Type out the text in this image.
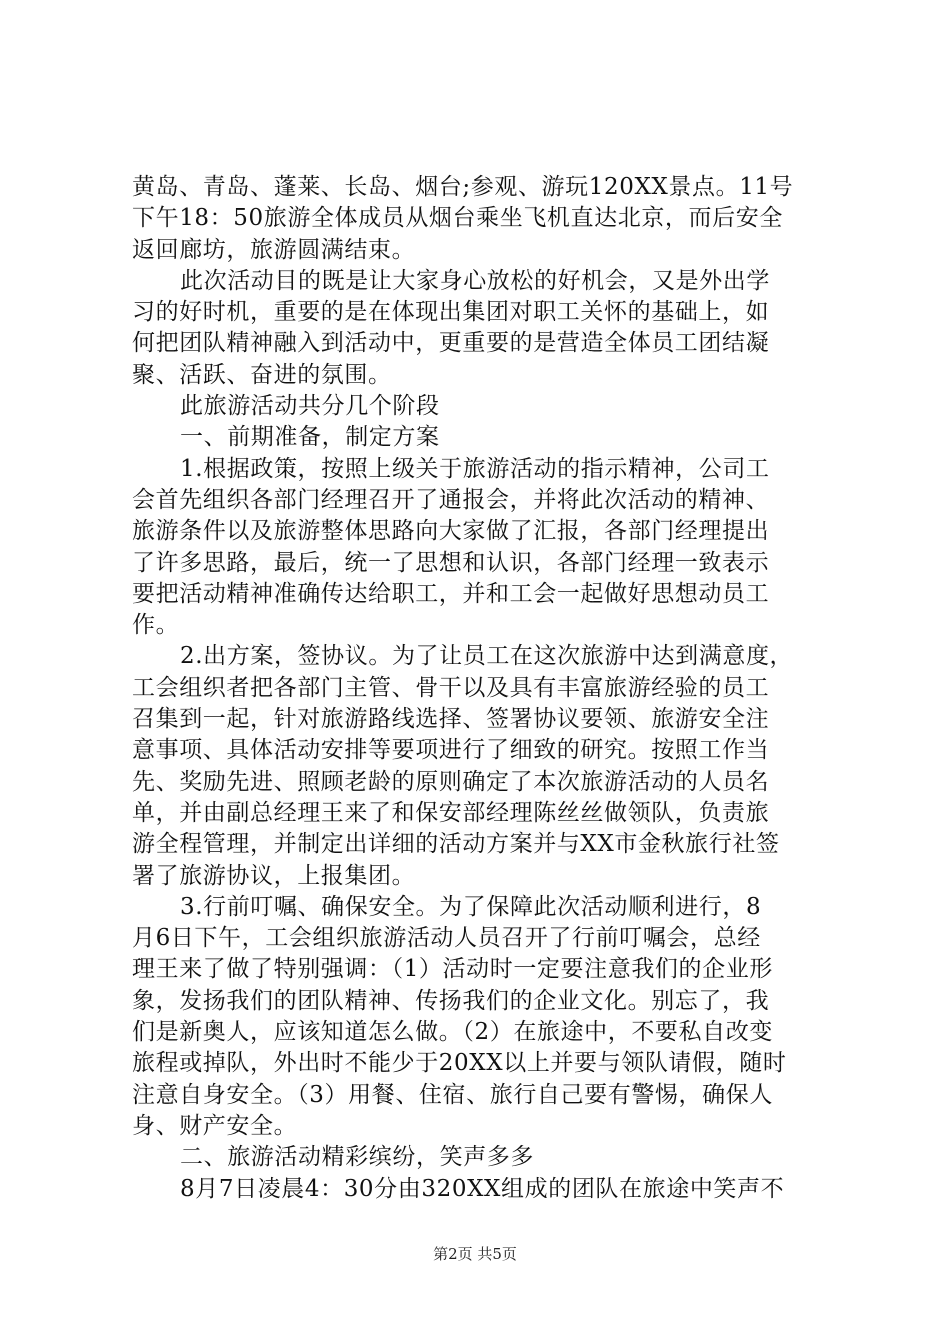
黄岛、青岛、蓬莱、长岛、烟台;参观、游玩120XX景点。11号
下午18：50旅游全体成员从烟台乘坐飞机直达北京，而后安全
返回廊坊，旅游圆满结束。
此次活动目的既是让大家身心放松的好机会，又是外出学
习的好时机，重要的是在体现出集团对职工关怀的基础上，如
何把团队精神融入到活动中，更重要的是营造全体员工团结凝
聚、活跃、奋进的氛围。
此旅游活动共分几个阶段
一、前期准备，制定方案
1.根据政策，按照上级关于旅游活动的指示精神，公司工
会首先组织各部门经理召开了通报会，并将此次活动的精神、
旅游条件以及旅游整体思路向大家做了汇报，各部门经理提出
了许多思路，最后，统一了思想和认识，各部门经理一致表示
要把活动精神准确传达给职工，并和工会一起做好思想动员工
作。
2.出方案，签协议。为了让员工在这次旅游中达到满意度，
工会组织者把各部门主管、骨干以及具有丰富旅游经验的员工
召集到一起，针对旅游路线选择、签署协议要领、旅游安全注
意事项、具体活动安排等要项进行了细致的研究。按照工作当
先、奖励先进、照顾老龄的原则确定了本次旅游活动的人员名
单，并由副总经理王来了和保安部经理陈丝丝做领队，负责旅
游全程管理，并制定出详细的活动方案并与XX市金秋旅行社签
署了旅游协议，上报集团。
3.行前叮嘱、确保安全。为了保障此次活动顺利进行，8
月6日下午，工会组织旅游活动人员召开了行前叮嘱会，总经
理王来了做了特别强调：（1）活动时一定要注意我们的企业形
象，发扬我们的团队精神、传扬我们的企业文化。别忘了，我
们是新奥人，应该知道怎么做。（2）在旅途中，不要私自改变
旅程或掉队，外出时不能少于20XX以上并要与领队请假，随时
注意自身安全。（3）用餐、住宿、旅行自己要有警惕，确保人
身、财产安全。
二、旅游活动精彩缤纷，笑声多多
8月7日凌晨4：30分由320XX组成的团队在旅途中笑声不
第2页 共5页
